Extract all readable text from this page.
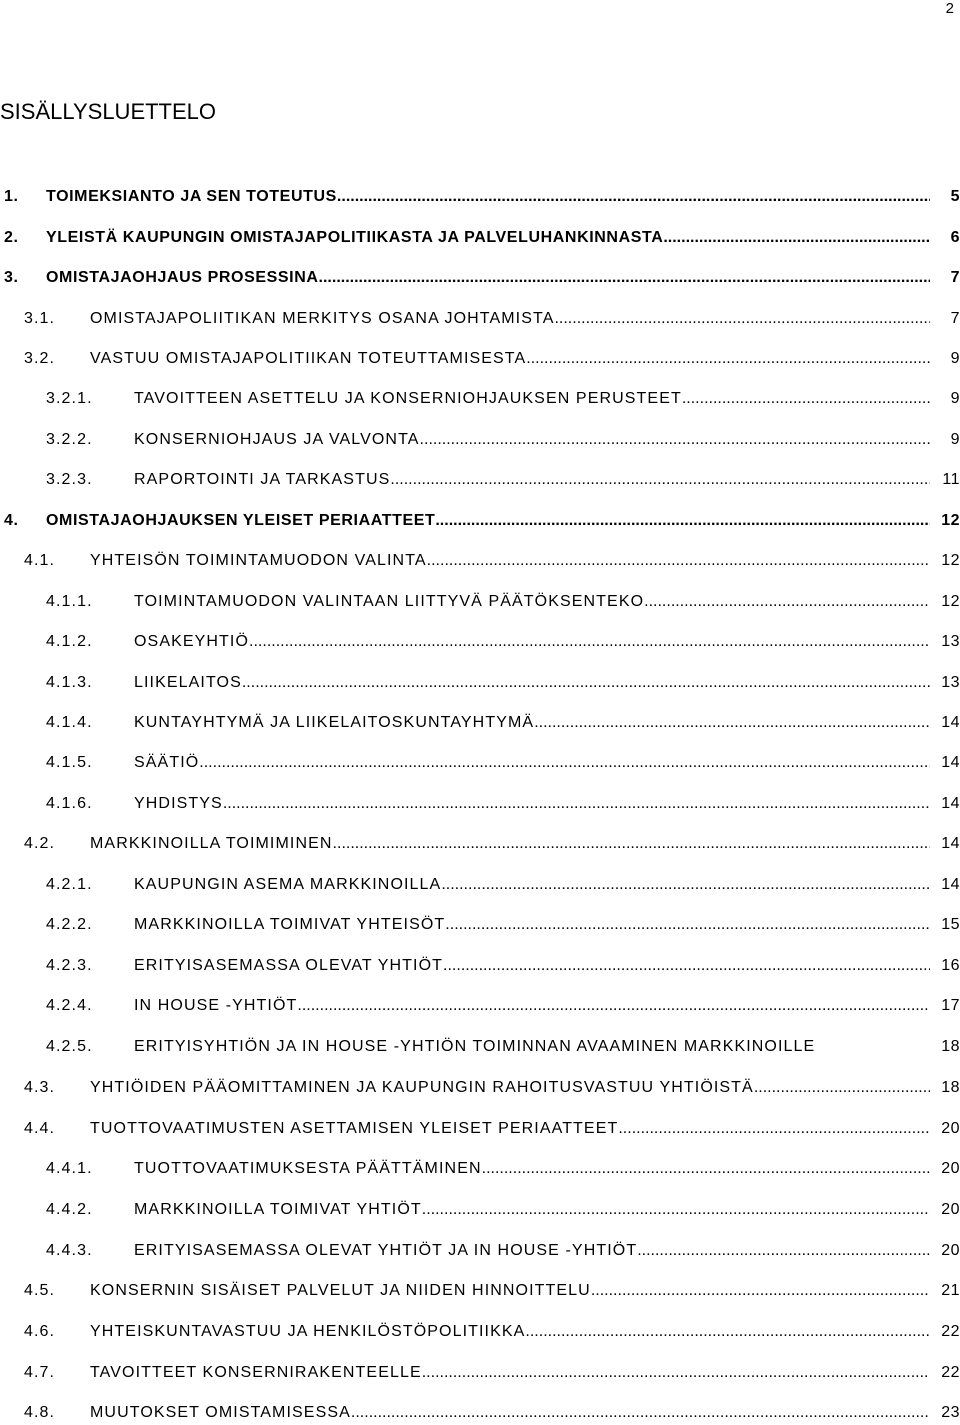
2
SISÄLLYSLUETTELO
1. TOIMEKSIANTO JA SEN TOTEUTUS .....	5
2. YLEISTÄ KAUPUNGIN OMISTAJAPOLITIIKASTA JA PALVELUHANKINNASTA .....	6
3. OMISTAJAOHJAUS PROSESSINA .....	7
3.1. OMISTAJAPOLIITIKAN MERKITYS OSANA JOHTAMISTA .....	7
3.2. VASTUU OMISTAJAPOLITIIKAN TOTEUTTAMISESTA .....	9
3.2.1.	TAVOITTEEN ASETTELU JA KONSERNIOHJAUKSEN PERUSTEET .....	9
3.2.2.	KONSERNIOHJAUS JA VALVONTA .....	9
3.2.3.	RAPORTOINTI JA TARKASTUS .....	11
4. OMISTAJAOHJAUKSEN YLEISET PERIAATTEET .....	12
4.1. YHTEISÖN TOIMINTAMUODON VALINTA .....	12
4.1.1.	TOIMINTAMUODON VALINTAAN LIITTYVÄ PÄÄTÖKSENTEKO .....	12
4.1.2.	OSAKEYHTIÖ .....	13
4.1.3.	LIIKELAITOS .....	13
4.1.4.	KUNTAYHTYMÄ JA LIIKELAITOSKUNTAYHTYMÄ .....	14
4.1.5.	SÄÄTIÖ .....	14
4.1.6.	YHDISTYS .....	14
4.2. MARKKINOILLA TOIMIMINEN .....	14
4.2.1.	KAUPUNGIN ASEMA MARKKINOILLA .....	14
4.2.2.	MARKKINOILLA TOIMIVAT YHTEISÖT .....	15
4.2.3.	ERITYISASEMASSA OLEVAT YHTIÖT .....	16
4.2.4.	IN HOUSE -YHTIÖT .....	17
4.2.5.	ERITYISYHTIÖN JA IN HOUSE -YHTIÖN TOIMINNAN AVAAMINEN MARKKINOILLE	18
4.3. YHTIÖIDEN PÄÄOMITTAMINEN JA KAUPUNGIN RAHOITUSVASTUU YHTIÖISTÄ .....	18
4.4. TUOTTOVAATIMUSTEN ASETTAMISEN YLEISET PERIAATTEET .....	20
4.4.1.	TUOTTOVAATIMUKSESTA PÄÄTTÄMINEN .....	20
4.4.2.	MARKKINOILLA TOIMIVAT YHTIÖT .....	20
4.4.3.	ERITYISASEMASSA OLEVAT YHTIÖT JA IN HOUSE -YHTIÖT .....	20
4.5. KONSERNIN SISÄISET PALVELUT JA NIIDEN HINNOITTELU .....	21
4.6. YHTEISKUNTAVASTUU JA HENKILÖSTÖPOLITIIKKA .....	22
4.7. TAVOITTEET KONSERNIRAKENTEELLE .....	22
4.8. MUUTOKSET OMISTAMISESSA .....	23
